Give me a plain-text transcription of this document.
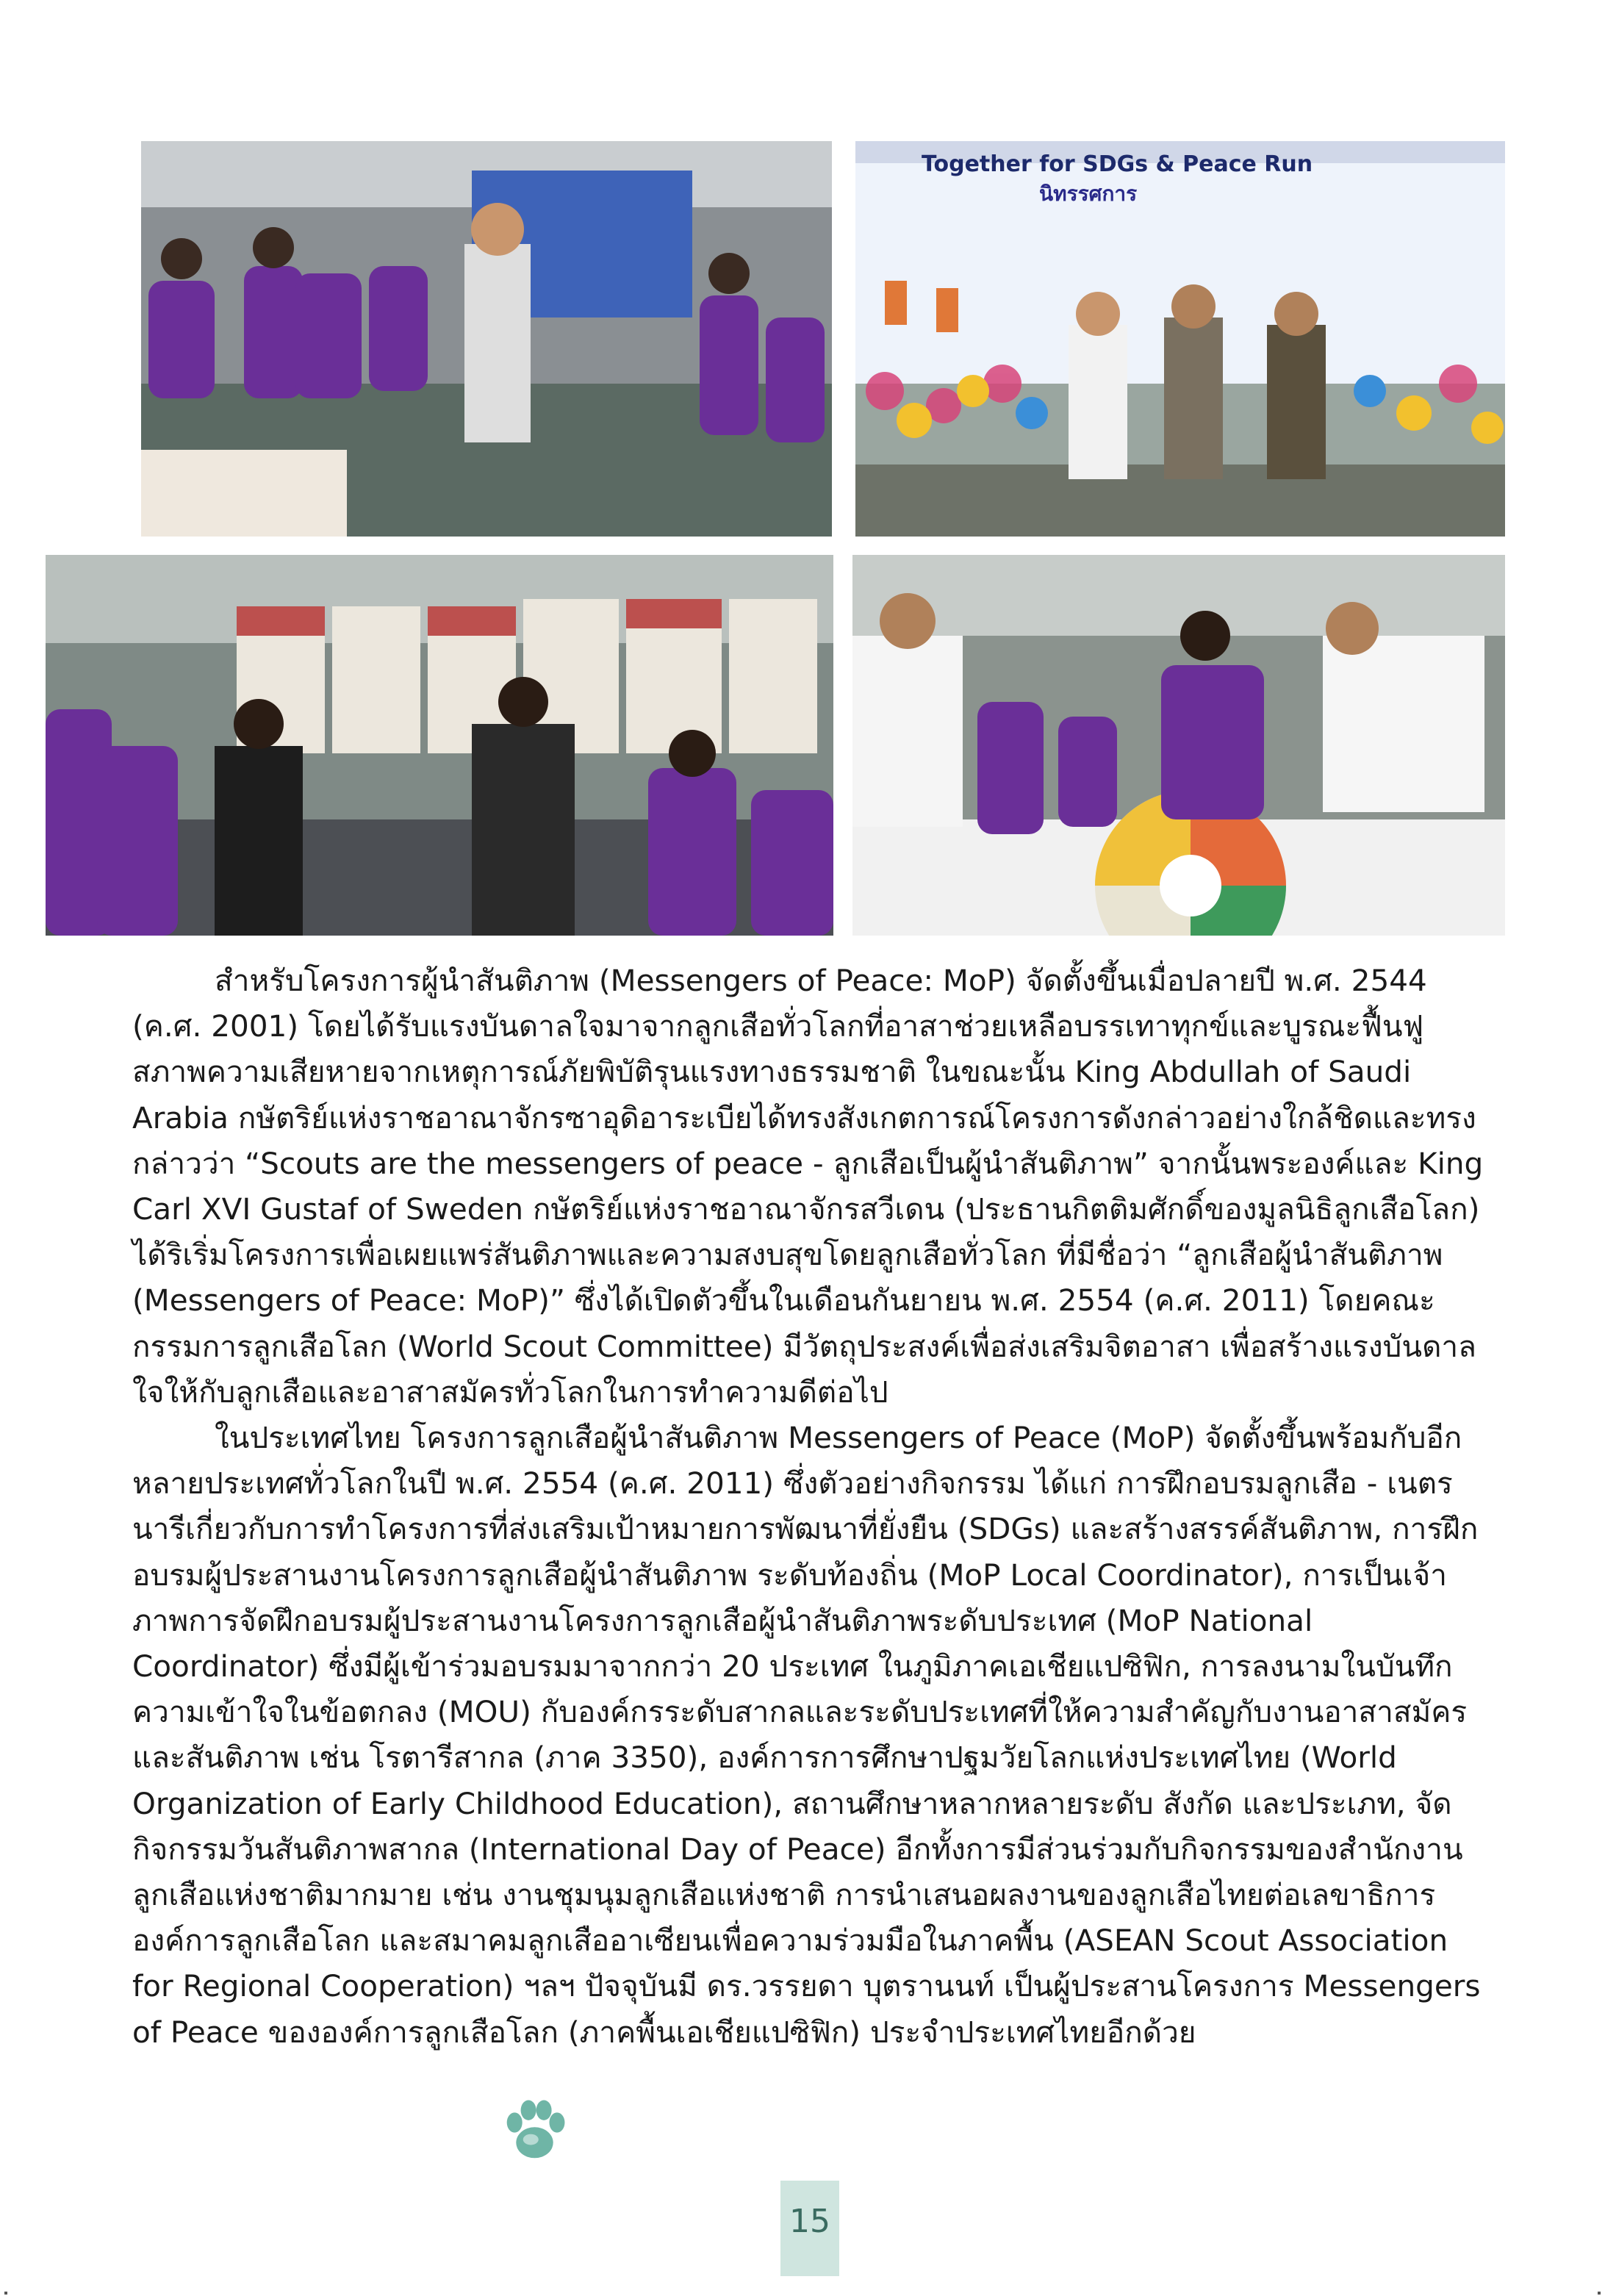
Together for SDGs & Peace Run
นิทรรศการ

สำหรับโครงการผู้นำสันติภาพ (Messengers of Peace: MoP) จัดตั้งขึ้นเมื่อปลายปี พ.ศ. 2544 (ค.ศ. 2001) โดยได้รับแรงบันดาลใจมาจากลูกเสือทั่วโลกที่อาสาช่วยเหลือบรรเทาทุกข์และบูรณะฟื้นฟูสภาพความเสียหายจากเหตุการณ์ภัยพิบัติรุนแรงทางธรรมชาติ ในขณะนั้น King Abdullah of Saudi Arabia กษัตริย์แห่งราชอาณาจักรซาอุดิอาระเบียได้ทรงสังเกตการณ์โครงการดังกล่าวอย่างใกล้ชิดและทรงกล่าวว่า “Scouts are the messengers of peace - ลูกเสือเป็นผู้นำสันติภาพ” จากนั้นพระองค์และ King Carl XVI Gustaf of Sweden กษัตริย์แห่งราชอาณาจักรสวีเดน (ประธานกิตติมศักดิ์ของมูลนิธิลูกเสือโลก) ได้ริเริ่มโครงการเพื่อเผยแพร่สันติภาพและความสงบสุขโดยลูกเสือทั่วโลก ที่มีชื่อว่า “ลูกเสือผู้นำสันติภาพ (Messengers of Peace: MoP)” ซึ่งได้เปิดตัวขึ้นในเดือนกันยายน พ.ศ. 2554 (ค.ศ. 2011) โดยคณะกรรมการลูกเสือโลก (World Scout Committee) มีวัตถุประสงค์เพื่อส่งเสริมจิตอาสา เพื่อสร้างแรงบันดาลใจให้กับลูกเสือและอาสาสมัครทั่วโลกในการทำความดีต่อไป

ในประเทศไทย โครงการลูกเสือผู้นำสันติภาพ Messengers of Peace (MoP) จัดตั้งขึ้นพร้อมกับอีกหลายประเทศทั่วโลกในปี พ.ศ. 2554 (ค.ศ. 2011) ซึ่งตัวอย่างกิจกรรม ได้แก่ การฝึกอบรมลูกเสือ - เนตรนารีเกี่ยวกับการทำโครงการที่ส่งเสริมเป้าหมายการพัฒนาที่ยั่งยืน (SDGs) และสร้างสรรค์สันติภาพ, การฝึกอบรมผู้ประสานงานโครงการลูกเสือผู้นำสันติภาพ ระดับท้องถิ่น (MoP Local Coordinator), การเป็นเจ้าภาพการจัดฝึกอบรมผู้ประสานงานโครงการลูกเสือผู้นำสันติภาพระดับประเทศ (MoP National Coordinator) ซึ่งมีผู้เข้าร่วมอบรมมาจากกว่า 20 ประเทศ ในภูมิภาคเอเชียแปซิฟิก, การลงนามในบันทึกความเข้าใจในข้อตกลง (MOU) กับองค์กรระดับสากลและระดับประเทศที่ให้ความสำคัญกับงานอาสาสมัครและสันติภาพ เช่น โรตารีสากล (ภาค 3350), องค์การการศึกษาปฐมวัยโลกแห่งประเทศไทย (World Organization of Early Childhood Education), สถานศึกษาหลากหลายระดับ สังกัด และประเภท, จัดกิจกรรมวันสันติภาพสากล (International Day of Peace) อีกทั้งการมีส่วนร่วมกับกิจกรรมของสำนักงานลูกเสือแห่งชาติมากมาย เช่น งานชุมนุมลูกเสือแห่งชาติ การนำเสนอผลงานของลูกเสือไทยต่อเลขาธิการองค์การลูกเสือโลก และสมาคมลูกเสืออาเซียนเพื่อความร่วมมือในภาคพื้น (ASEAN Scout Association for Regional Cooperation) ฯลฯ ปัจจุบันมี ดร.วรรยดา บุตรานนท์ เป็นผู้ประสานโครงการ Messengers of Peace ขององค์การลูกเสือโลก (ภาคพื้นเอเชียแปซิฟิก) ประจำประเทศไทยอีกด้วย

15
